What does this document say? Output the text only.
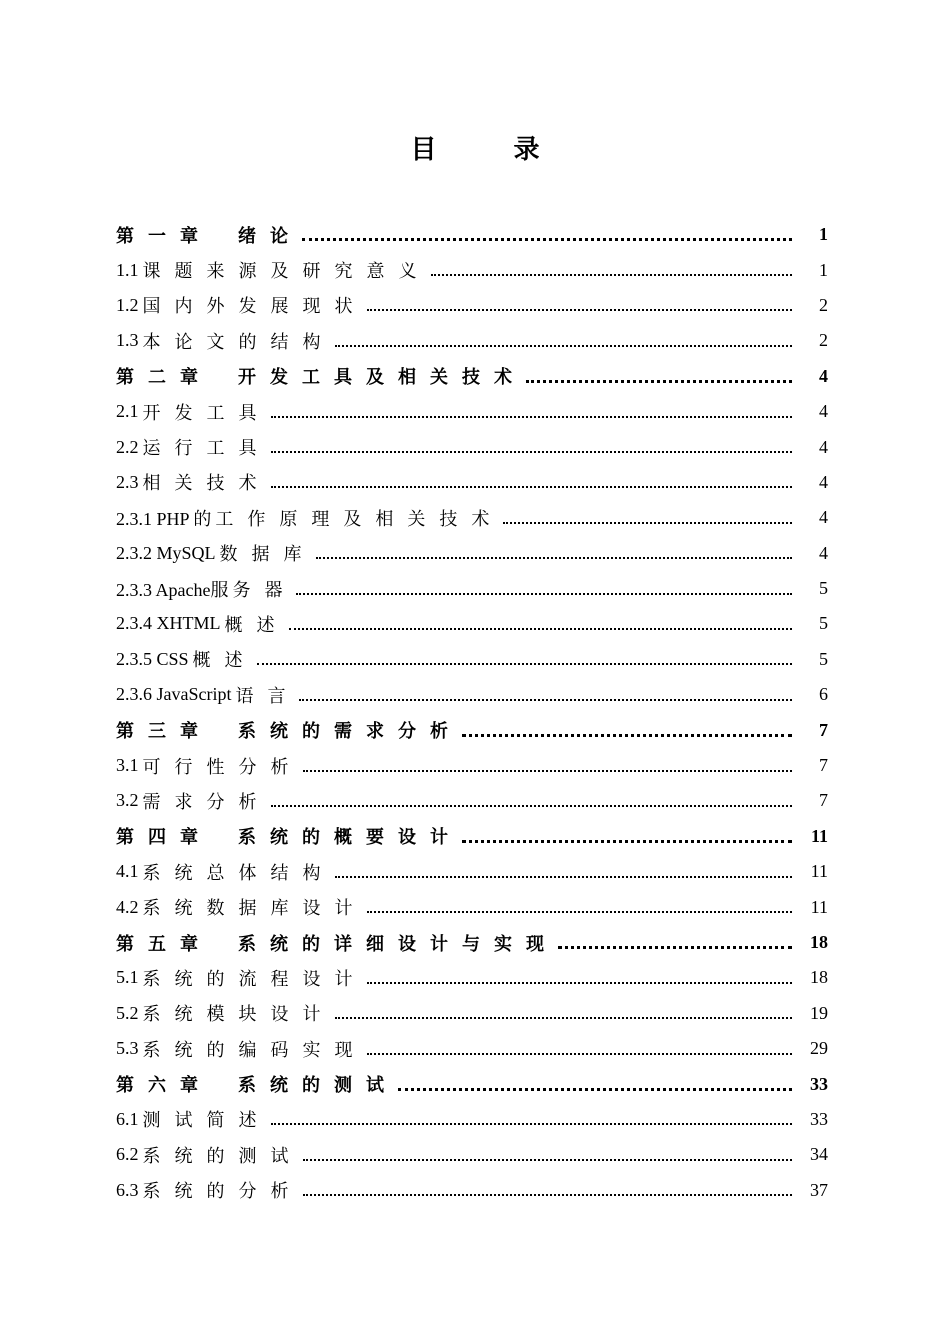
目 录
第一章 绪论	1
1.1 课题来源及研究意义	1
1.2 国内外发展现状	2
1.3 本论文的结构	2
第二章 开发工具及相关技术	4
2.1 开发工具	4
2.2 运行工具	4
2.3 相关技术	4
2.3.1 PHP 的 工作原理及相关技术	4
2.3.2 MySQL 数据库	4
2.3.3 Apache服 务器	5
2.3.4 XHTML 概述	5
2.3.5 CSS 概述	5
2.3.6 JavaScript 语言	6
第三章 系统的需求分析	7
3.1 可行性分析	7
3.2 需求分析	7
第四章 系统的概要设计	11
4.1 系统总体结构	11
4.2 系统数据库设计	11
第五章 系统的详细设计与实现	18
5.1 系统的流程设计	18
5.2 系统模块设计	19
5.3 系统的编码实现	29
第六章 系统的测试	33
6.1 测试简述	33
6.2 系统的测试	34
6.3 系统的分析	37
